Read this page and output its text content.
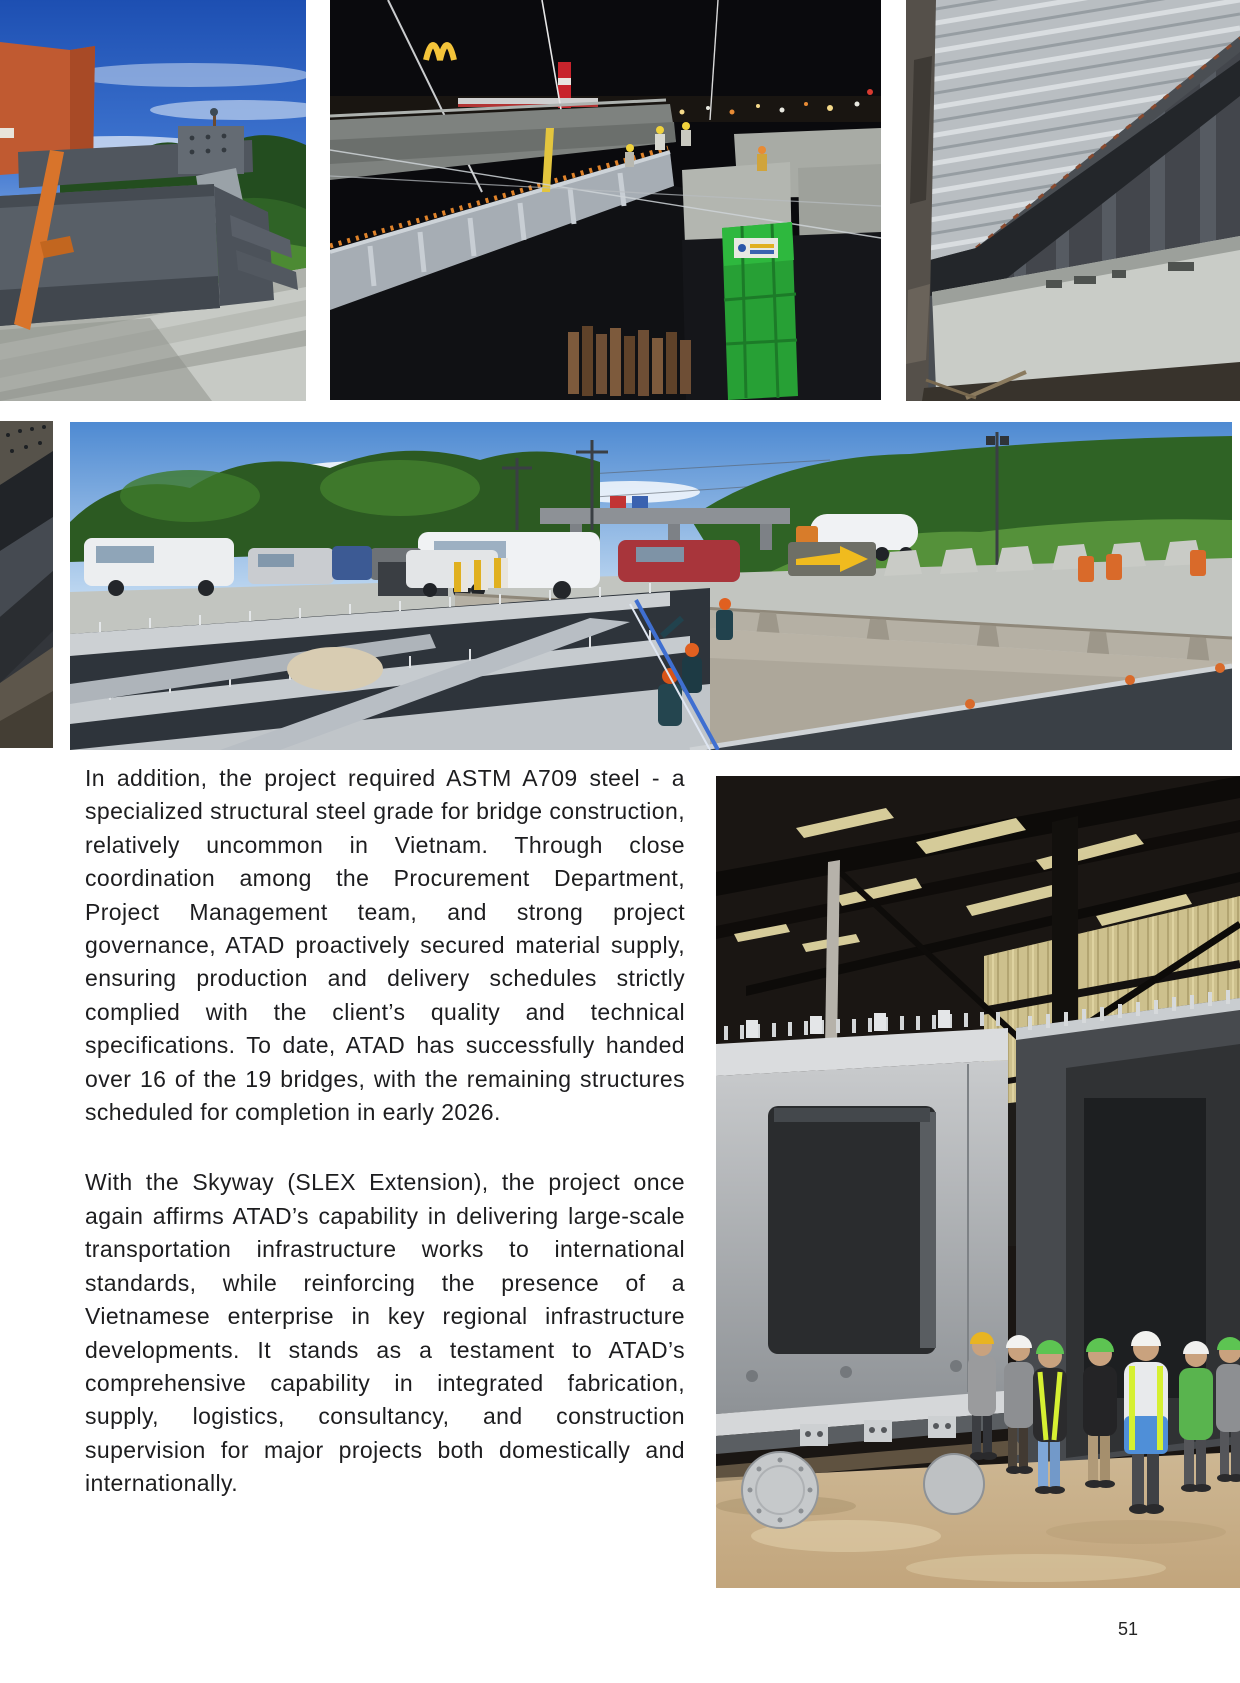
In addition, the project required ASTM A709 steel - a specialized structural steel grade for bridge construction, relatively uncommon in Vietnam. Through close coordination among the Procurement Department, Project Management team, and strong project governance, ATAD proactively secured material supply, ensuring production and delivery schedules strictly complied with the client’s quality and technical specifications. To date, ATAD has successfully handed over 16 of the 19 bridges, with the remaining structures scheduled for completion in early 2026.

With the Skyway (SLEX Extension), the project once again affirms ATAD’s capability in delivering large-scale transportation infrastructure works to international standards, while reinforcing the presence of a Vietnamese enterprise in key regional infrastructure developments. It stands as a testament to ATAD’s comprehensive capability in integrated fabrication, supply, logistics, consultancy, and construction supervision for major projects both domestically and internationally.

51
